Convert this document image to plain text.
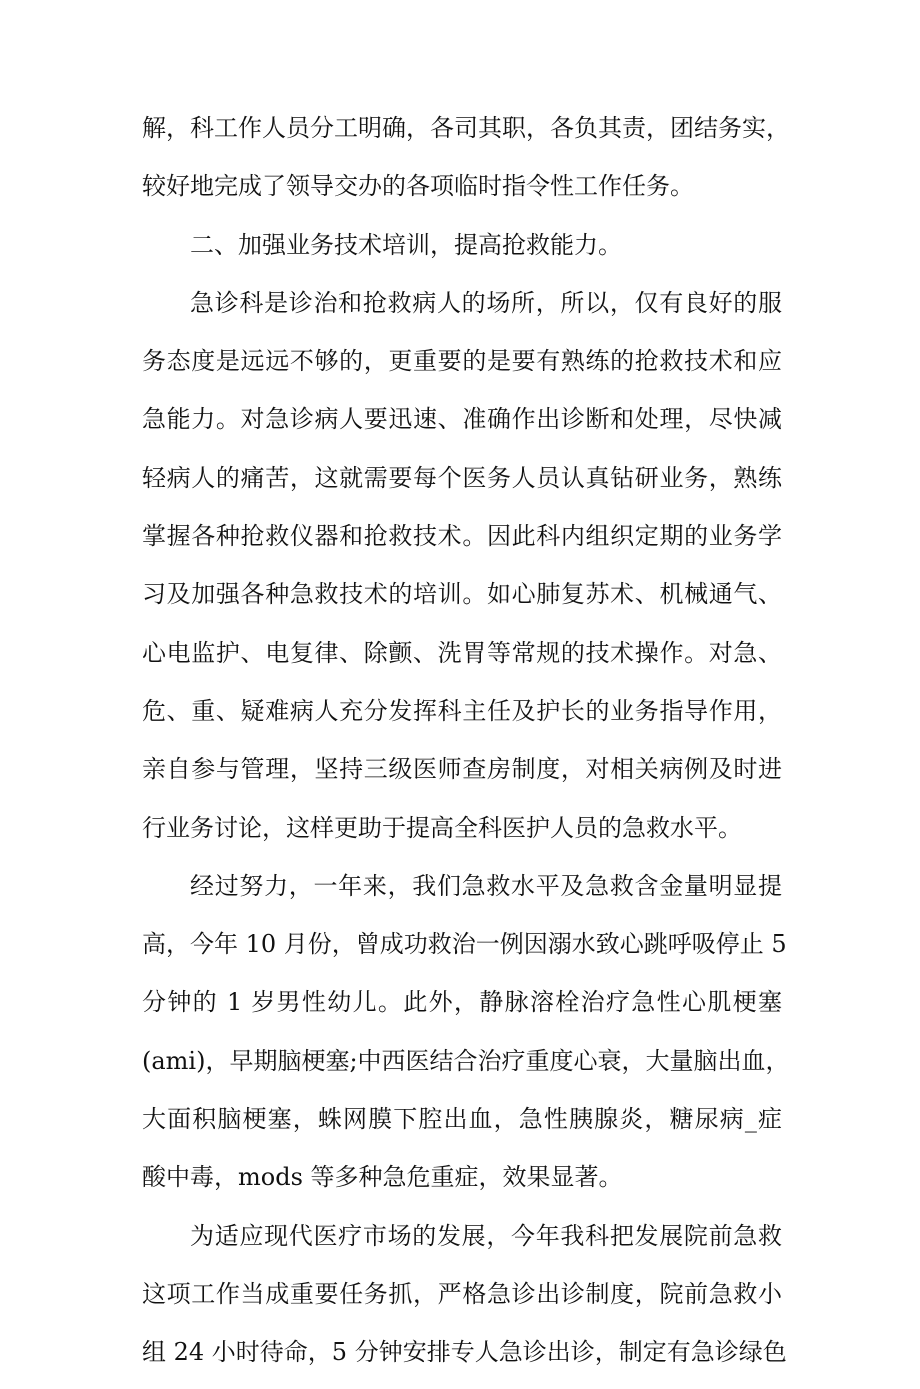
解，科工作人员分工明确，各司其职，各负其责，团结务实，
较好地完成了领导交办的各项临时指令性工作任务。
二、加强业务技术培训，提高抢救能力。
急诊科是诊治和抢救病人的场所，所以，仅有良好的服
务态度是远远不够的，更重要的是要有熟练的抢救技术和应
急能力。对急诊病人要迅速、准确作出诊断和处理，尽快减
轻病人的痛苦，这就需要每个医务人员认真钻研业务，熟练
掌握各种抢救仪器和抢救技术。因此科内组织定期的业务学
习及加强各种急救技术的培训。如心肺复苏术、机械通气、
心电监护、电复律、除颤、洗胃等常规的技术操作。对急、
危、重、疑难病人充分发挥科主任及护长的业务指导作用，
亲自参与管理，坚持三级医师查房制度，对相关病例及时进
行业务讨论，这样更助于提高全科医护人员的急救水平。
经过努力，一年来，我们急救水平及急救含金量明显提
高，今年 10 月份，曾成功救治一例因溺水致心跳呼吸停止 5
分钟的 1 岁男性幼儿。此外，静脉溶栓治疗急性心肌梗塞
(ami)，早期脑梗塞;中西医结合治疗重度心衰，大量脑出血，
大面积脑梗塞，蛛网膜下腔出血，急性胰腺炎，糖尿病_症
酸中毒，mods 等多种急危重症，效果显著。
为适应现代医疗市场的发展，今年我科把发展院前急救
这项工作当成重要任务抓，严格急诊出诊制度，院前急救小
组 24 小时待命，5 分钟安排专人急诊出诊，制定有急诊绿色
